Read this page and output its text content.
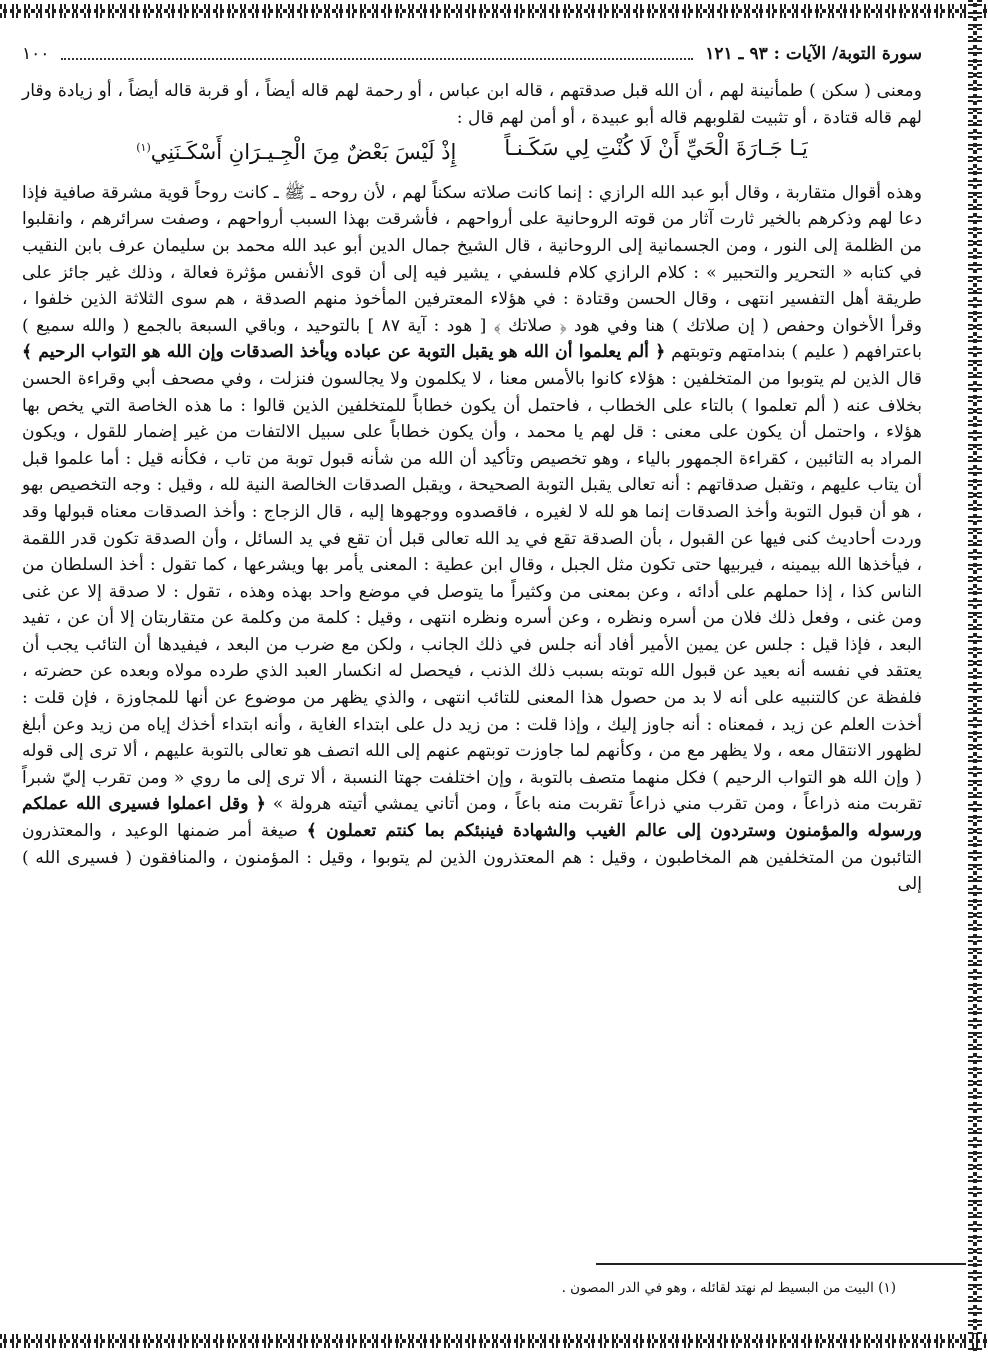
سورة التوبة/ الآيات : ٩٣ ـ ١٢١
١٠٠

ومعنى ( سكن ) طمأنينة لهم ، أن الله قبل صدقتهم ، قاله ابن عباس ، أو رحمة لهم قاله أيضاً ، أو قربة قاله أيضاً ، أو زيادة وقار لهم قاله قتادة ، أو تثبيت لقلوبهم قاله أبو عبيدة ، أو أمن لهم قال :

يَـا جَـارَةَ الْحَيِّ أَنْ لَا كُنْتِ لِي سَكَـنـاً
إِذْ لَيْسَ بَعْضٌ مِنَ الْجِـيـرَانِ أَسْكَـنَنِي$^{(١)}$

وهذه أقوال متقاربة ، وقال أبو عبد الله الرازي : إنما كانت صلاته سكناً لهم ، لأن روحه ـ ﷺ ـ كانت روحاً قوية مشرقة صافية فإذا دعا لهم وذكرهم بالخير ثارت آثار من قوته الروحانية على أرواحهم ، فأشرقت بهذا السبب أرواحهم ، وصفت سرائرهم ، وانقلبوا من الظلمة إلى النور ، ومن الجسمانية إلى الروحانية ، قال الشيخ جمال الدين أبو عبد الله محمد بن سليمان عرف بابن النقيب في كتابه « التحرير والتحبير » : كلام الرازي كلام فلسفي ، يشير فيه إلى أن قوى الأنفس مؤثرة فعالة ، وذلك غير جائز على طريقة أهل التفسير انتهى ، وقال الحسن وقتادة : في هؤلاء المعترفين المأخوذ منهم الصدقة ، هم سوى الثلاثة الذين خلفوا ، وقرأ الأخوان وحفص ( إن صلاتك ) هنا وفي هود ﴿ صلاتك ﴾ [ هود : آية ٨٧ ] بالتوحيد ، وباقي السبعة بالجمع ( والله سميع ) باعترافهم ( عليم ) بندامتهم وتوبتهم ﴿ ألم يعلموا أن الله هو يقبل التوبة عن عباده ويأخذ الصدقات وإن الله هو التواب الرحيم ﴾ قال الذين لم يتوبوا من المتخلفين : هؤلاء كانوا بالأمس معنا ، لا يكلمون ولا يجالسون فنزلت ، وفي مصحف أبي وقراءة الحسن بخلاف عنه ( ألم تعلموا ) بالتاء على الخطاب ، فاحتمل أن يكون خطاباً للمتخلفين الذين قالوا : ما هذه الخاصة التي يخص بها هؤلاء ، واحتمل أن يكون على معنى : قل لهم يا محمد ، وأن يكون خطاباً على سبيل الالتفات من غير إضمار للقول ، ويكون المراد به التائبين ، كقراءة الجمهور بالياء ، وهو تخصيص وتأكيد أن الله من شأنه قبول توبة من تاب ، فكأنه قيل : أما علموا قبل أن يتاب عليهم ، وتقبل صدقاتهم : أنه تعالى يقبل التوبة الصحيحة ، ويقبل الصدقات الخالصة النية لله ، وقيل : وجه التخصيص بهو ، هو أن قبول التوبة وأخذ الصدقات إنما هو لله لا لغيره ، فاقصدوه ووجهوها إليه ، قال الزجاج : وأخذ الصدقات معناه قبولها وقد وردت أحاديث كنى فيها عن القبول ، بأن الصدقة تقع في يد الله تعالى قبل أن تقع في يد السائل ، وأن الصدقة تكون قدر اللقمة ، فيأخذها الله بيمينه ، فيربيها حتى تكون مثل الجبل ، وقال ابن عطية : المعنى يأمر بها ويشرعها ، كما تقول : أخذ السلطان من الناس كذا ، إذا حملهم على أدائه ، وعن بمعنى من وكثيراً ما يتوصل في موضع واحد بهذه وهذه ، تقول : لا صدقة إلا عن غنى ومن غنى ، وفعل ذلك فلان من أسره ونظره ، وعن أسره ونظره انتهى ، وقيل : كلمة من وكلمة عن متقاربتان إلا أن عن ، تفيد البعد ، فإذا قيل : جلس عن يمين الأمير أفاد أنه جلس في ذلك الجانب ، ولكن مع ضرب من البعد ، فيفيدها أن التائب يجب أن يعتقد في نفسه أنه بعيد عن قبول الله توبته بسبب ذلك الذنب ، فيحصل له انكسار العبد الذي طرده مولاه وبعده عن حضرته ، فلفظة عن كالتنبيه على أنه لا بد من حصول هذا المعنى للتائب انتهى ، والذي يظهر من موضوع عن أنها للمجاوزة ، فإن قلت : أخذت العلم عن زيد ، فمعناه : أنه جاوز إليك ، وإذا قلت : من زيد دل على ابتداء الغاية ، وأنه ابتداء أخذك إياه من زيد وعن أبلغ لظهور الانتقال معه ، ولا يظهر مع من ، وكأنهم لما جاوزت توبتهم عنهم إلى الله اتصف هو تعالى بالتوبة عليهم ، ألا ترى إلى قوله ( وإن الله هو التواب الرحيم ) فكل منهما متصف بالتوبة ، وإن اختلفت جهتا النسبة ، ألا ترى إلى ما روي « ومن تقرب إليّ شبراً تقربت منه ذراعاً ، ومن تقرب مني ذراعاً تقربت منه باعاً ، ومن أتاني يمشي أتيته هرولة » ﴿ وقل اعملوا فسيرى الله عملكم ورسوله والمؤمنون وستردون إلى عالم الغيب والشهادة فينبئكم بما كنتم تعملون ﴾ صيغة أمر ضمنها الوعيد ، والمعتذرون التائبون من المتخلفين هم المخاطبون ، وقيل : هم المعتذرون الذين لم يتوبوا ، وقيل : المؤمنون ، والمنافقون ( فسيرى الله ) إلى

(١) البيت من البسيط لم نهتد لقائله ، وهو في الدر المصون .
